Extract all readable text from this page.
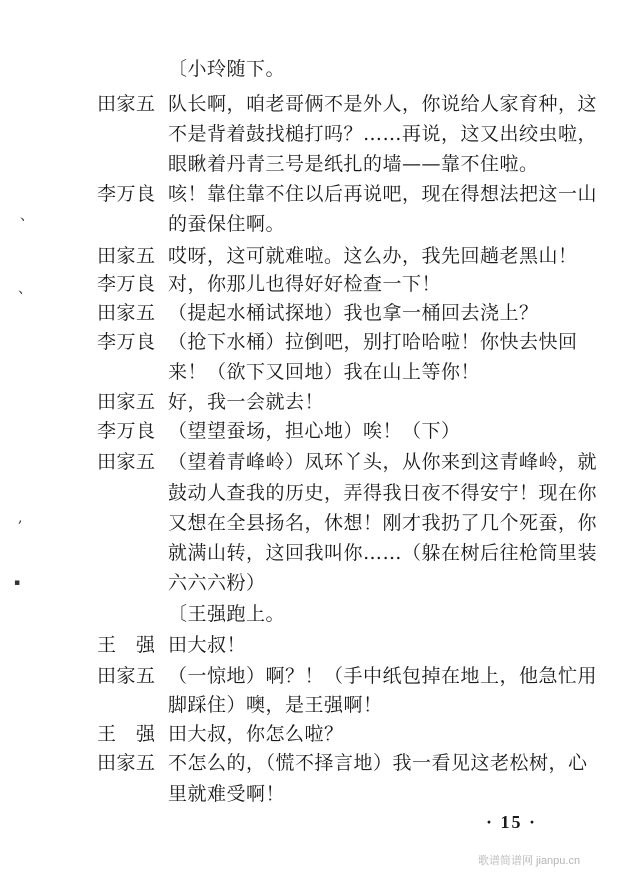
〔小玲随下。
田家五 队长啊，咱老哥俩不是外人，你说给人家育种，这
不是背着鼓找槌打吗？……再说，这又出绞虫啦，
眼瞅着丹青三号是纸扎的墙——靠不住啦。
李万良 咳！靠住靠不住以后再说吧，现在得想法把这一山
的蚕保住啊。
田家五 哎呀，这可就难啦。这么办，我先回趟老黑山！
李万良 对，你那儿也得好好检查一下！
田家五 （提起水桶试探地）我也拿一桶回去浇上？
李万良 （抢下水桶）拉倒吧，别打哈哈啦！你快去快回
来！（欲下又回地）我在山上等你！
田家五 好，我一会就去！
李万良 （望望蚕场，担心地）唉！（下）
田家五 （望着青峰岭）凤环丫头，从你来到这青峰岭，就
鼓动人查我的历史，弄得我日夜不得安宁！现在你
又想在全县扬名，休想！刚才我扔了几个死蚕，你
就满山转，这回我叫你……（躲在树后往枪筒里装
六六六粉）
〔王强跑上。
王　强 田大叔！
田家五 （一惊地）啊？！（手中纸包掉在地上，他急忙用
脚踩住）噢，是王强啊！
王　强 田大叔，你怎么啦？
田家五 不怎么的，（慌不择言地）我一看见这老松树，心
里就难受啊！
、
、
,
▪
· 15 ·
歌谱简谱网 jianpu.cn
